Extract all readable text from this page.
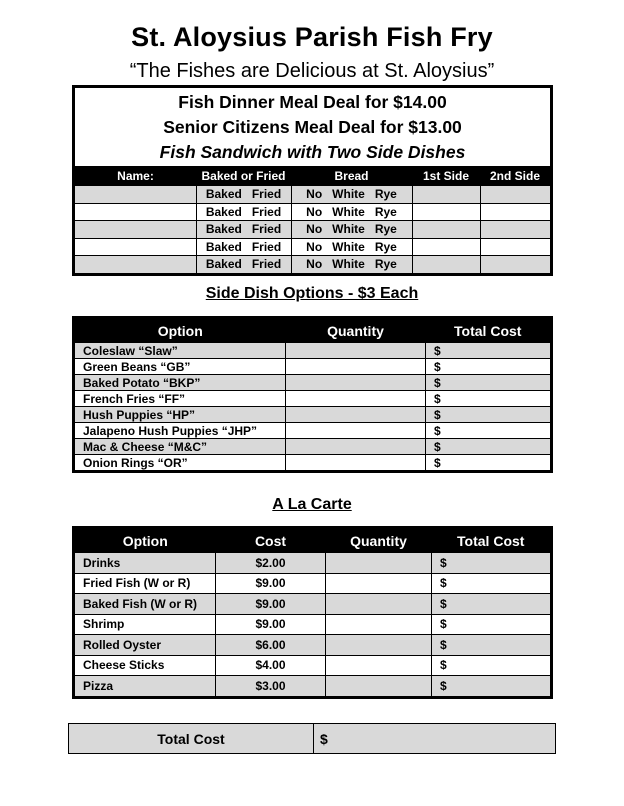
St. Aloysius Parish Fish Fry
“The Fishes are Delicious at St. Aloysius”
Fish Dinner Meal Deal for $14.00
Senior Citizens Meal Deal for $13.00
Fish Sandwich with Two Side Dishes
Name:	Baked or Fried	Bread	1st Side	2nd Side
	Baked Fried	No White Rye		
	Baked Fried	No White Rye		
	Baked Fried	No White Rye		
	Baked Fried	No White Rye		
	Baked Fried	No White Rye		
Side Dish Options - $3 Each
Option	Quantity	Total Cost
Coleslaw “Slaw”		$
Green Beans “GB”		$
Baked Potato “BKP”		$
French Fries “FF”		$
Hush Puppies “HP”		$
Jalapeno Hush Puppies “JHP”		$
Mac & Cheese “M&C”		$
Onion Rings “OR”		$
A La Carte
Option	Cost	Quantity	Total Cost
Drinks	$2.00		$
Fried Fish (W or R)	$9.00		$
Baked Fish (W or R)	$9.00		$
Shrimp	$9.00		$
Rolled Oyster	$6.00		$
Cheese Sticks	$4.00		$
Pizza	$3.00		$
Total Cost	$
